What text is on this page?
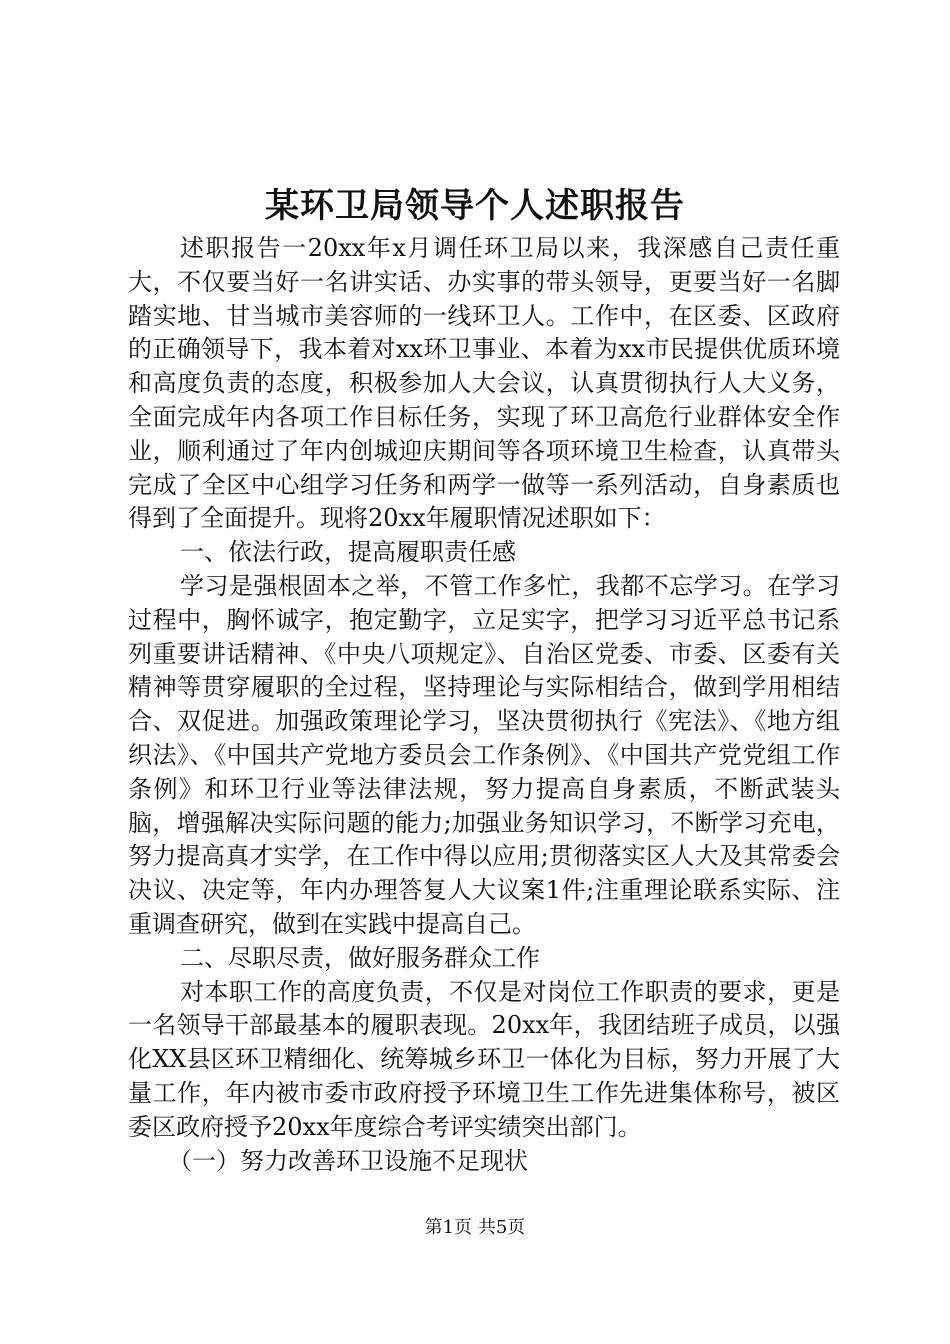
某环卫局领导个人述职报告

述职报告一20xx年x月调任环卫局以来，我深感自己责任重大，不仅要当好一名讲实话、办实事的带头领导，更要当好一名脚踏实地、甘当城市美容师的一线环卫人。工作中，在区委、区政府的正确领导下，我本着对xx环卫事业、本着为xx市民提供优质环境和高度负责的态度，积极参加人大会议，认真贯彻执行人大义务，全面完成年内各项工作目标任务，实现了环卫高危行业群体安全作业，顺利通过了年内创城迎庆期间等各项环境卫生检查，认真带头完成了全区中心组学习任务和两学一做等一系列活动，自身素质也得到了全面提升。现将20xx年履职情况述职如下：

一、依法行政，提高履职责任感

学习是强根固本之举，不管工作多忙，我都不忘学习。在学习过程中，胸怀诚字，抱定勤字，立足实字，把学习习近平总书记系列重要讲话精神、《中央八项规定》、自治区党委、市委、区委有关精神等贯穿履职的全过程，坚持理论与实际相结合，做到学用相结合、双促进。加强政策理论学习，坚决贯彻执行《宪法》、《地方组织法》、《中国共产党地方委员会工作条例》、《中国共产党党组工作条例》和环卫行业等法律法规，努力提高自身素质，不断武装头脑，增强解决实际问题的能力;加强业务知识学习，不断学习充电，努力提高真才实学，在工作中得以应用;贯彻落实区人大及其常委会决议、决定等，年内办理答复人大议案1件;注重理论联系实际、注重调查研究，做到在实践中提高自己。

二、尽职尽责，做好服务群众工作

对本职工作的高度负责，不仅是对岗位工作职责的要求，更是一名领导干部最基本的履职表现。20xx年，我团结班子成员，以强化XX县区环卫精细化、统筹城乡环卫一体化为目标，努力开展了大量工作，年内被市委市政府授予环境卫生工作先进集体称号，被区委区政府授予20xx年度综合考评实绩突出部门。

（一）努力改善环卫设施不足现状

第1页 共5页
